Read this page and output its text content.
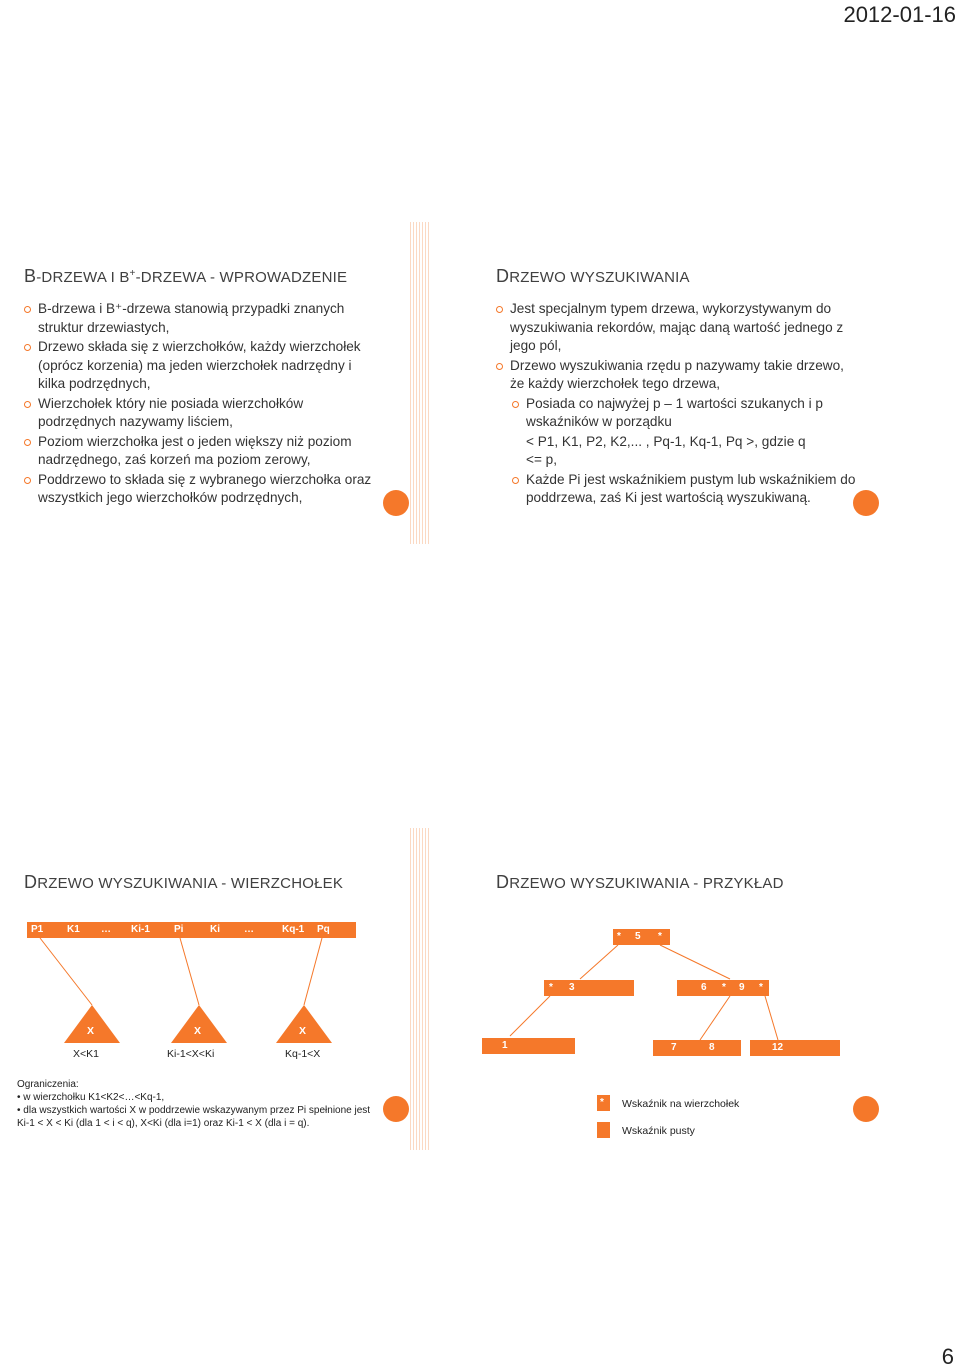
2012-01-16
B-DRZEWA I B+-DRZEWA - WPROWADZENIE
B-drzewa i B⁺-drzewa stanowią przypadki znanych struktur drzewiastych,
Drzewo składa się z wierzchołków, każdy wierzchołek (oprócz korzenia) ma jeden wierzchołek nadrzędny i kilka podrzędnych,
Wierzchołek który nie posiada wierzchołków podrzędnych nazywamy liściem,
Poziom wierzchołka jest o jeden większy niż poziom nadrzędnego, zaś korzeń ma poziom zerowy,
Poddrzewo to składa się z wybranego wierzchołka oraz wszystkich jego wierzchołków podrzędnych,
DRZEWO WYSZUKIWANIA
Jest specjalnym typem drzewa, wykorzystywanym do wyszukiwania rekordów, mając daną wartość jednego z jego pól,
Drzewo wyszukiwania rzędu p nazywamy takie drzewo, że każdy wierzchołek tego drzewa,
Posiada co najwyżej p – 1 wartości szukanych i p wskaźników w porządku
< P1, K1, P2, K2,... , Pq-1, Kq-1, Pq >, gdzie q <= p,
Każde Pi jest wskaźnikiem pustym lub wskaźnikiem do poddrzewa, zaś Ki jest wartością wyszukiwaną.
DRZEWO WYSZUKIWANIA - WIERZCHOŁEK
P1 K1 … Ki-1 Pi	Ki …	Kq-1 Pq
X	X	X
X<K1	Ki-1<X<Ki	Kq-1<X
Ograniczenia:
• w wierzchołku K1<K2<…<Kq-1,
• dla wszystkich wartości X w poddrzewie wskazywanym przez Pi spełnione jest Ki-1 < X < Ki (dla 1 < i < q), X<Ki (dla i=1) oraz Ki-1 < X (dla i = q).
DRZEWO WYSZUKIWANIA - PRZYKŁAD
* 5 *
* 3	6 * 9 *
1	7	8	12
* Wskaźnik na wierzchołek
Wskaźnik pusty
6
